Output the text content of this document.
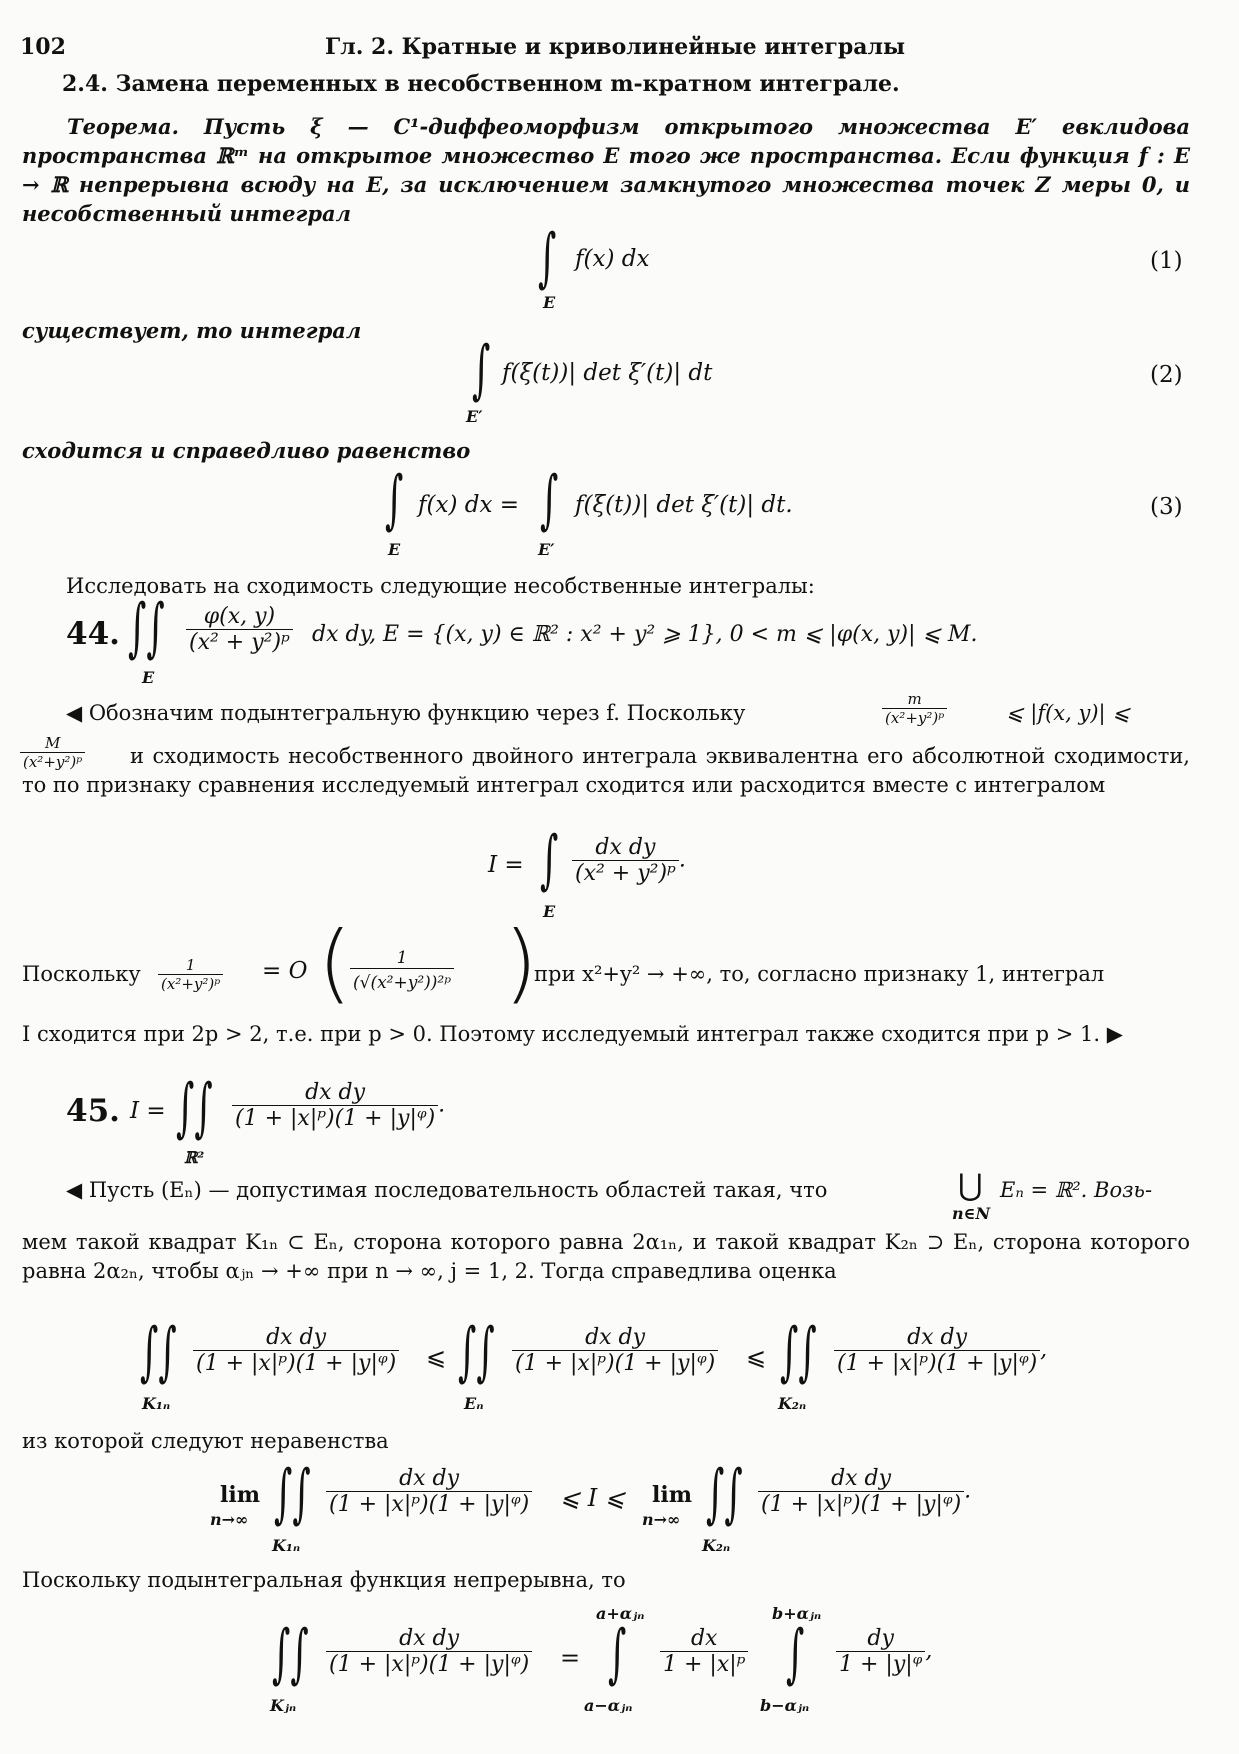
102	Гл. 2. Кратные и криволинейные интегралы
2.4. Замена переменных в несобственном m-кратном интеграле.
Теорема. Пусть ξ — C¹-диффеоморфизм открытого множества E′ евклидова пространства ℝᵐ на открытое множество E того же пространства. Если функция f : E → ℝ непрерывна всюду на E, за исключением замкнутого множества точек Z меры 0, и несобственный интеграл
∫ f(x) dx
E
(1)
существует, то интеграл
∫ f(ξ(t))| det ξ′(t)| dt
E′
(2)
сходится и справедливо равенство
∫ f(x) dx =
E
∫ f(ξ(t))| det ξ′(t)| dt.
E′
(3)
Исследовать на сходимость следующие несобственные интегралы:
44. ∫∫
E
$\frac{\varphi(x, y)}{\text{(x² + y²)ᵖ}}$ dx dy, E = {(x, y) ∈ ℝ² : x² + y² ⩾ 1}, 0 < m ⩽ |φ(x, y)| ⩽ M.
◀ Обозначим подынтегральную функцию через f. Поскольку	$\frac{m}{\text{(x²+y²)ᵖ}}$	⩽ |f(x, y)| ⩽
$\frac{M}{\text{(x²+y²)ᵖ}}$	и сходимость несобственного двойного интеграла эквивалентна его абсолютной сходимости, то по признаку сравнения исследуемый интеграл сходится или расходится вместе с интегралом
I = ∫
E
$\frac{\text{dx dy}}{\text{(x² + y²)ᵖ}}$ .
Поскольку $\frac{1}{\text{(x²+y²)ᵖ}} = O$ (
$\frac{1}{\text{(√(x²+y²))²ᵖ}}$ )
при x²+y² → +∞, то, согласно признаку 1, интеграл
I сходится при 2p > 2, т.е. при p > 0. Поэтому исследуемый интеграл также сходится при p > 1. ▶
45. I = ∫∫
ℝ²
$\frac{\text{dx dy}}{\text{(1 + |x|ᵖ)(1 + |y|ᵠ)}}$ .
◀ Пусть (Eₙ) — допустимая последовательность областей такая, что	⋃
n∈N
Eₙ = ℝ². Возь-
мем такой квадрат K₁ₙ ⊂ Eₙ, сторона которого равна 2α₁ₙ, и такой квадрат K₂ₙ ⊃ Eₙ, сторона которого равна 2α₂ₙ, чтобы αⱼₙ → +∞ при n → ∞, j = 1, 2. Тогда справедлива оценка
∫∫
K₁ₙ
$\frac{\text{dx dy}}{\text{(1 + |x|ᵖ)(1 + |y|ᵠ)}}$ ⩽ ∫∫
Eₙ
$\frac{\text{dx dy}}{\text{(1 + |x|ᵖ)(1 + |y|ᵠ)}}$ ⩽ ∫∫
K₂ₙ
$\frac{\text{dx dy}}{\text{(1 + |x|ᵖ)(1 + |y|ᵠ)}}$ ,
из которой следуют неравенства
lim
n→∞ ∫∫
K₁ₙ
$\frac{\text{dx dy}}{\text{(1 + |x|ᵖ)(1 + |y|ᵠ)}}$ ⩽ I ⩽ lim
n→∞ ∫∫
K₂ₙ
$\frac{\text{dx dy}}{\text{(1 + |x|ᵖ)(1 + |y|ᵠ)}}$ .
Поскольку подынтегральная функция непрерывна, то
∫∫
Kⱼₙ
$\frac{\text{dx dy}}{\text{(1 + |x|ᵖ)(1 + |y|ᵠ)}}$ =
a+αⱼₙ
∫
a−αⱼₙ
$\frac{dx}{\text{1 + |x|ᵖ}}$
b+αⱼₙ
∫
b−αⱼₙ
$\frac{dy}{\text{1 + |y|ᵠ}}$ ,
